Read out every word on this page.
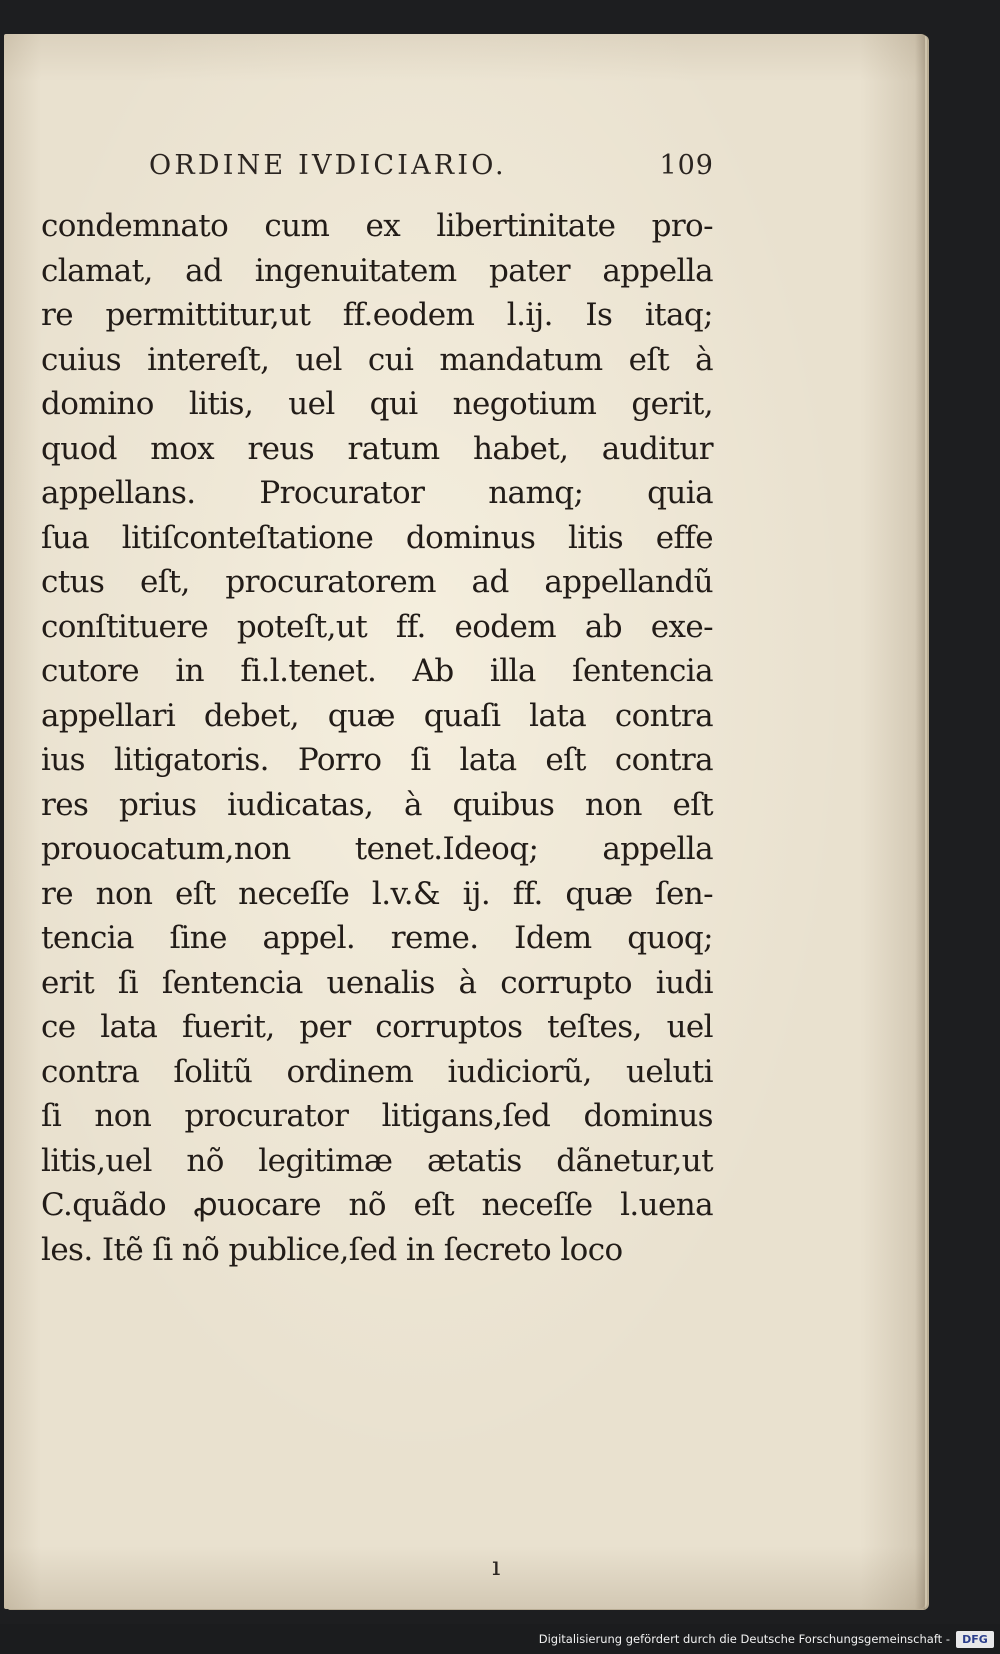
ORDINE IVDICIARIO.	109
condemnato cum ex libertinitate pro-
clamat, ad ingenuitatem pater appella
re permittitur,ut ff.eodem l.ij. Is itaq;
cuius intereſt, uel cui mandatum eſt à
domino litis, uel qui negotium gerit,
quod mox reus ratum habet, auditur
appellans. Procurator namq; quia
ſua litiſconteſtatione dominus litis effe
ctus eſt, procuratorem ad appellandũ
conſtituere poteſt,ut ff. eodem ab exe-
cutore in fi.l.tenet. Ab illa ſentencia
appellari debet, quæ quaſi lata contra
ius litigatoris. Porro ſi lata eſt contra
res prius iudicatas, à quibus non eſt
prouocatum,non tenet.Ideoq; appella
re non eſt neceſſe l.v.& ij. ff. quæ ſen-
tencia ſine appel. reme. Idem quoq;
erit ſi ſentencia uenalis à corrupto iudi
ce lata fuerit, per corruptos teſtes, uel
contra ſolitũ ordinem iudiciorũ, ueluti
ſi non procurator litigans,ſed dominus
litis,uel nõ legitimæ ætatis dãnetur,ut
C.quãdo ꝓuocare nõ eſt neceſſe l.uena
les. Itẽ ſi nõ publice,ſed in ſecreto loco
ı
Digitalisierung gefördert durch die Deutsche Forschungsgemeinschaft -	DFG
